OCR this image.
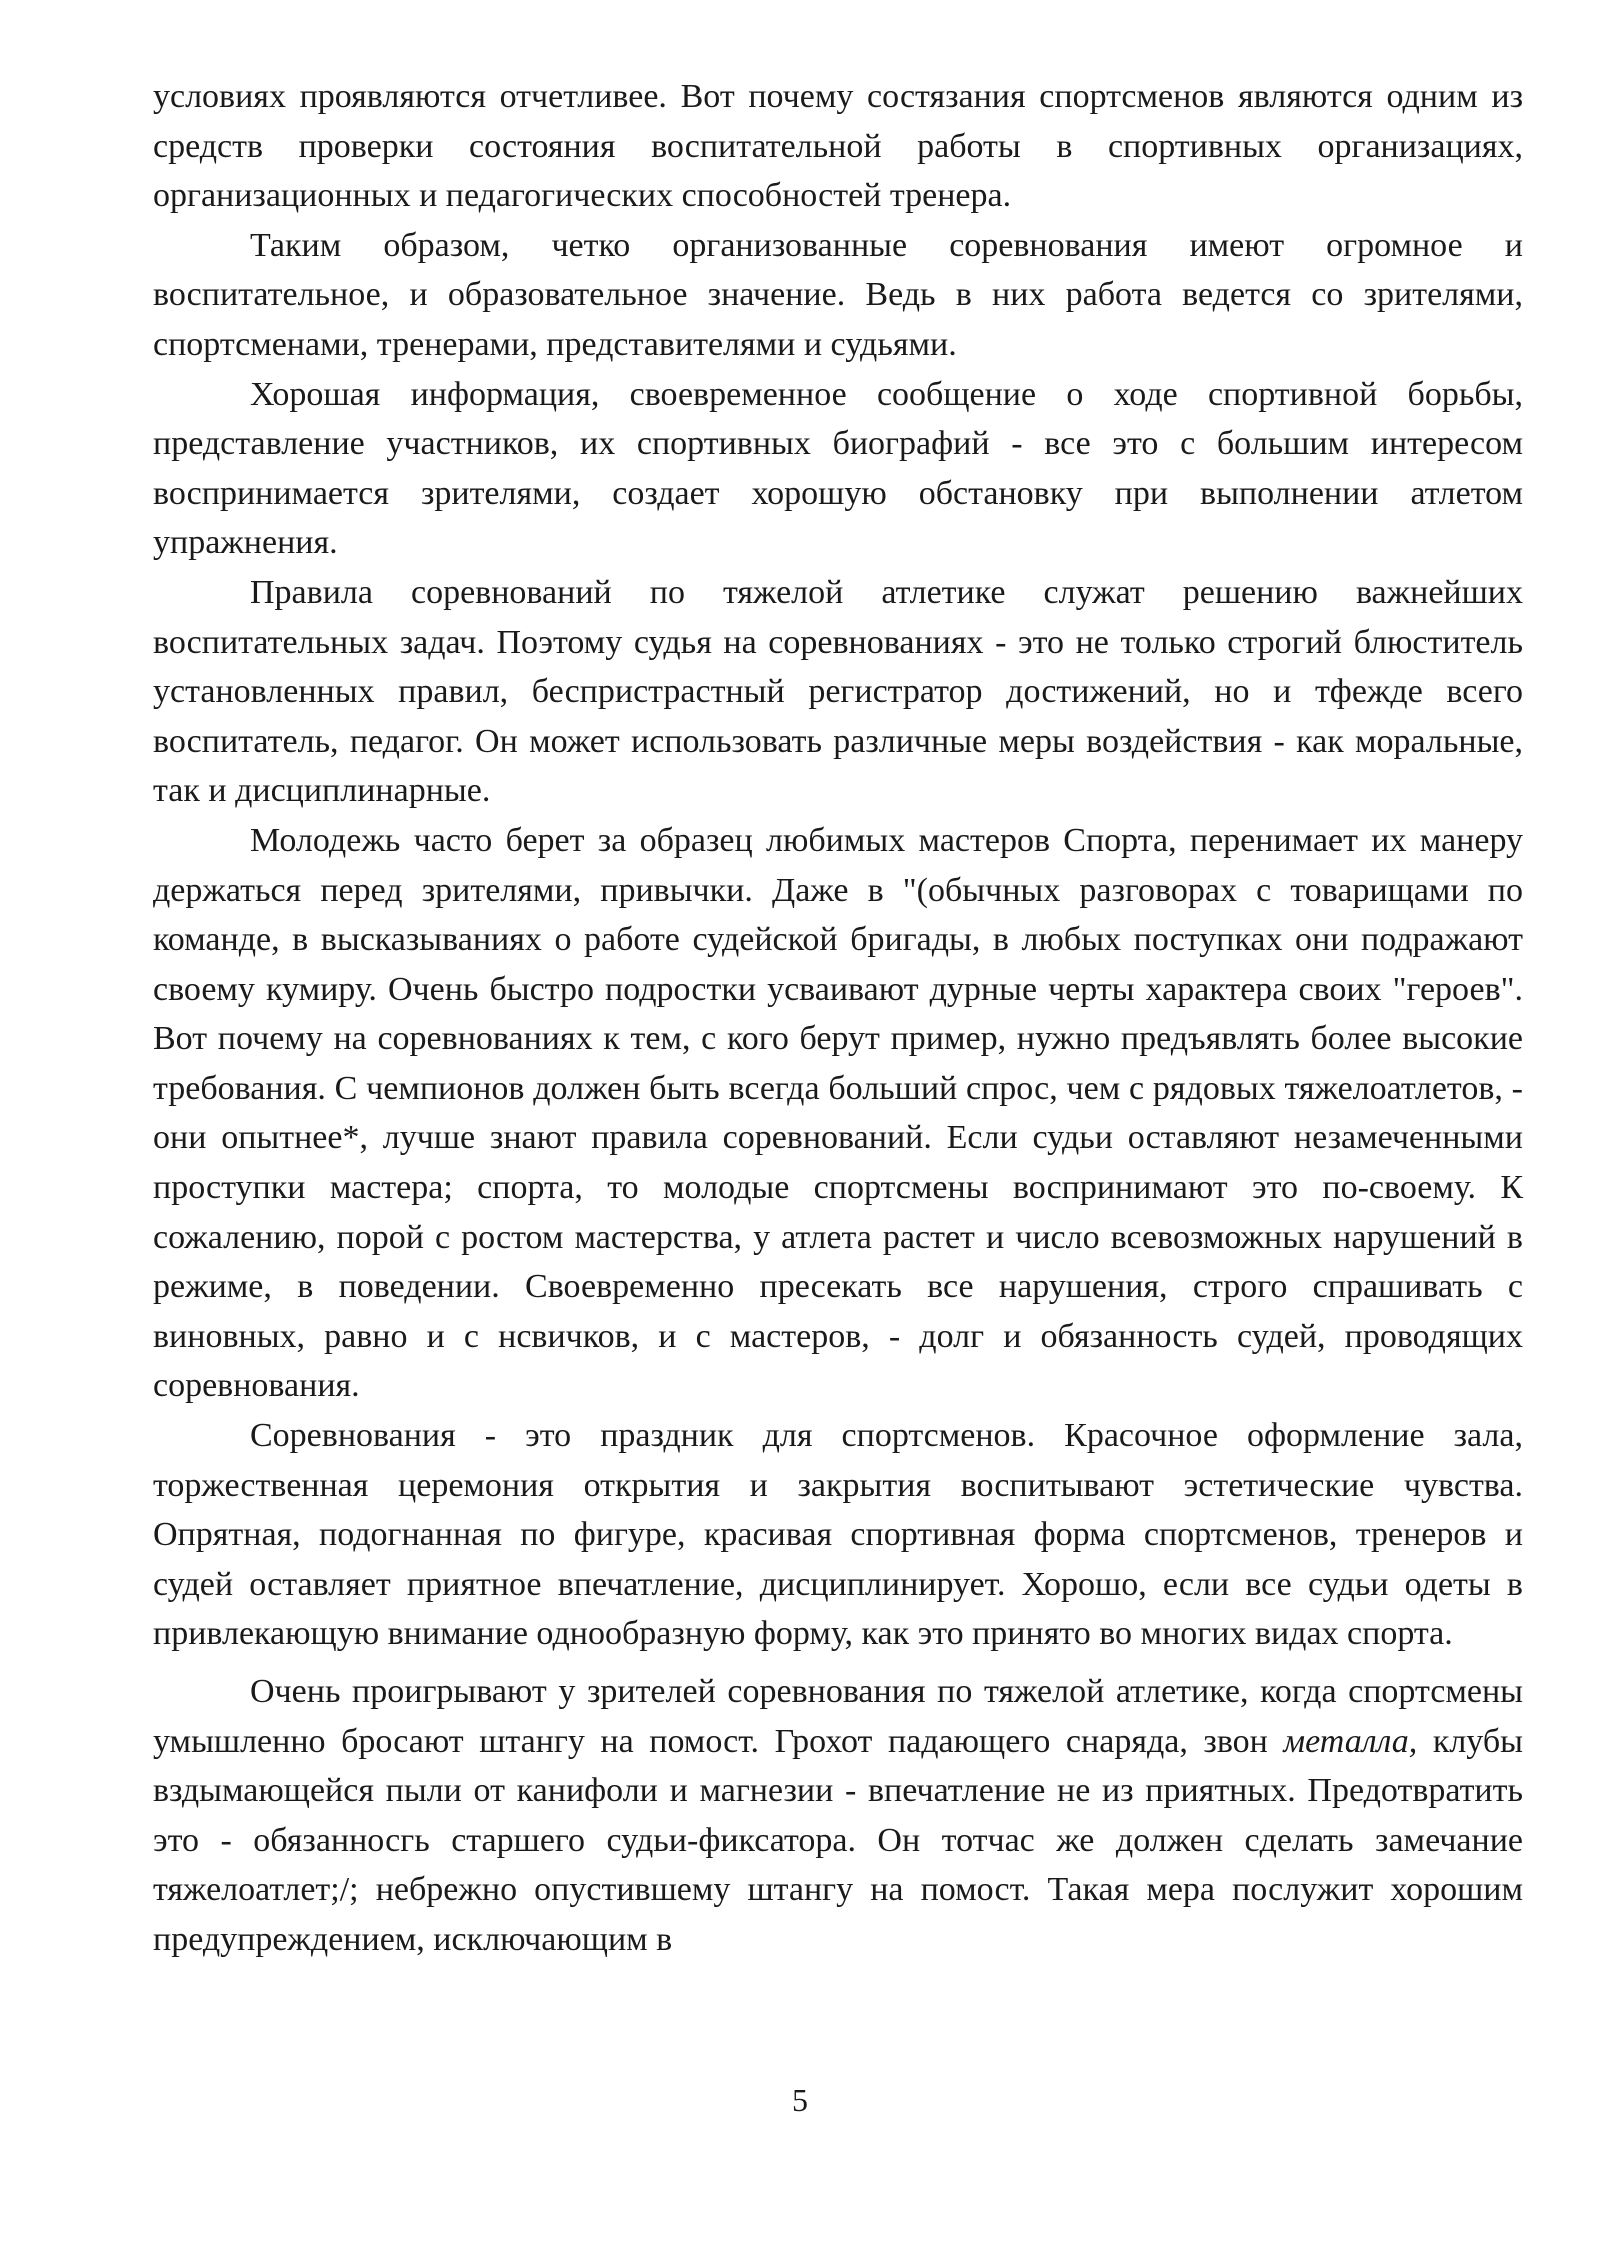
условиях проявляются отчетливее. Вот почему состязания спортсменов являются одним из средств проверки состояния воспитательной работы в спортивных организациях, организационных и педагогических способностей тренера.

Таким образом, четко организованные соревнования имеют огромное и воспитательное, и образовательное значение. Ведь в них работа ведется со зрителями, спортсменами, тренерами, представителями и судьями.

Хорошая информация, своевременное сообщение о ходе спортивной борьбы, представление участников, их спортивных биографий - все это с большим интересом воспринимается зрителями, создает хорошую обстановку при выполнении атлетом упражнения.

Правила соревнований по тяжелой атлетике служат решению важнейших воспитательных задач. Поэтому судья на соревнованиях - это не только строгий блюститель установленных правил, беспристрастный регистратор достижений, но и тфежде всего воспитатель, педагог. Он может использовать различные меры воздействия - как моральные, так и дисциплинарные.

Молодежь часто берет за образец любимых мастеров Спорта, перенимает их манеру держаться перед зрителями, привычки. Даже в "(обычных разговорах с товарищами по команде, в высказываниях о работе судейской бригады, в любых поступках они подражают своему кумиру. Очень быстро подростки усваивают дурные черты характера своих "героев". Вот почему на соревнованиях к тем, с кого берут пример, нужно предъявлять более высокие требования. С чемпионов должен быть всегда больший спрос, чем с рядовых тяжелоатлетов, - они опытнее*, лучше знают правила соревнований. Если судьи оставляют незамеченными проступки мастера; спорта, то молодые спортсмены воспринимают это по-своему. К сожалению, порой с ростом мастерства, у атлета растет и число всевозможных нарушений в режиме, в поведении. Своевременно пресекать все нарушения, строго спрашивать с виновных, равно и с нсвичков, и с мастеров, - долг и обязанность судей, проводящих соревнования.

Соревнования - это праздник для спортсменов. Красочное оформление зала, торжественная церемония открытия и закрытия воспитывают эстетические чувства. Опрятная, подогнанная по фигуре, красивая спортивная форма спортсменов, тренеров и судей оставляет приятное впечатление, дисциплинирует. Хорошо, если все судьи одеты в привлекающую внимание однообразную форму, как это принято во многих видах спорта.

Очень проигрывают у зрителей соревнования по тяжелой атлетике, когда спортсмены умышленно бросают штангу на помост. Грохот падающего снаряда, звон металла, клубы вздымающейся пыли от канифоли и магнезии - впечатление не из приятных. Предотвратить это - обязанносгь старшего судьи-фиксатора. Он тотчас же должен сделать замечание тяжелоатлет;/; небрежно опустившему штангу на помост. Такая мера послужит хорошим предупреждением, исключающим в

5
